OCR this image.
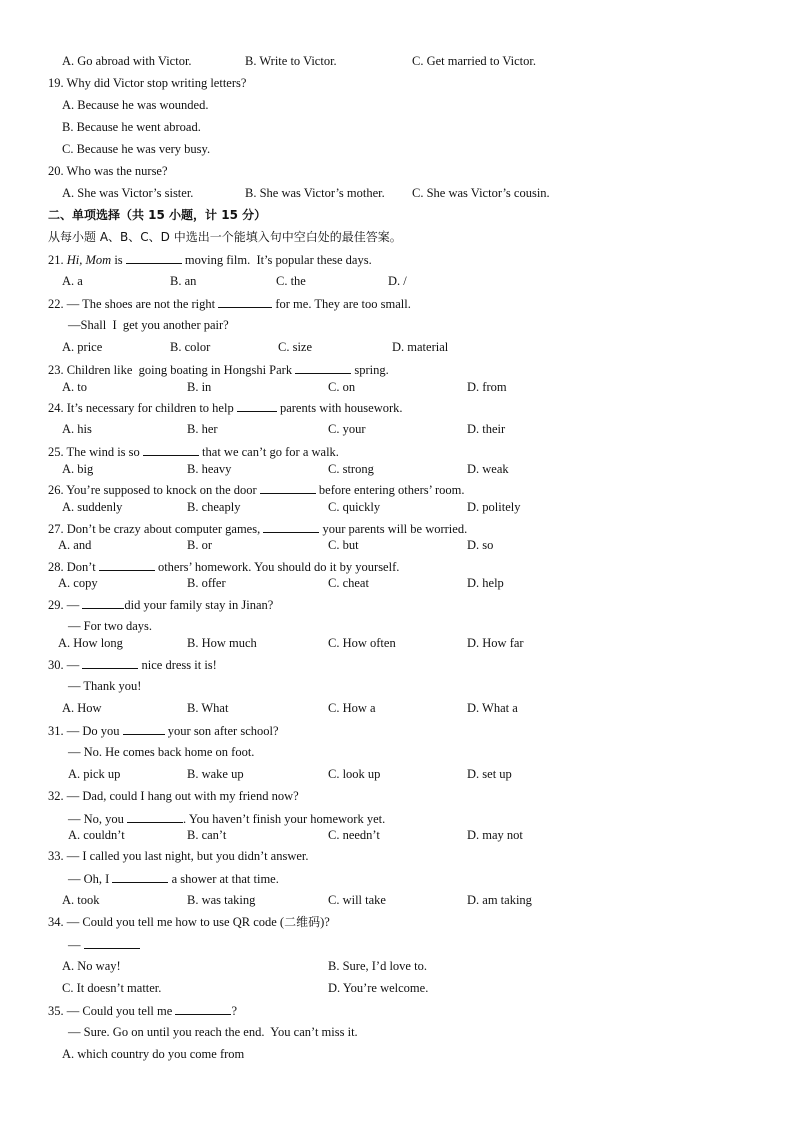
A. Go abroad with Victor.

	B. Write to Victor.

	C. Get married to Victor.

19. Why did Victor stop writing letters?

A. Because he was wounded.
B. Because he went abroad.
C. Because he was very busy.

20. Who was the nurse?

A. She was Victor’s sister.

	B. She was Victor’s mother.

C. She was Victor’s cousin.

二、单项选择（共 15 小题，计 15 分）

从每小题 A、B、C、D 中选出一个能填入句中空白处的最佳答案。

21. Hi, Mom is	moving film.  It’s popular these days.

A. a

	B. an

	C. the

	D. /

22. — The shoes are not the right	for me. They are too small.

—Shall  I  get you another pair?

A. price

	B. color

	C. size

	D. material

23. Children like  going boating in Hongshi Park	spring.

A. to

	B. in

	C. on

	D. from

24. It’s necessary for children to help	parents with housework.

A. his

	B. her

	C. your

	D. their

25. The wind is so	that we can’t go for a walk.

A. big

	B. heavy

	C. strong

	D. weak

26. You’re supposed to knock on the door	before entering others’ room.

A. suddenly

	B. cheaply

	C. quickly

	D. politely

27. Don’t be crazy about computer games,	your parents will be worried.

A. and

	B. or

	C. but

	D. so

28. Don’t	others’ homework. You should do it by yourself.

A. copy

	B. offer

	C. cheat

	D. help

29. —	did your family stay in Jinan?

— For two days.

A. How long

	B. How much

	C. How often

	D. How far

30. —	nice dress it is!

— Thank you!

A. How

	B. What

	C. How a

	D. What a

31. — Do you	your son after school?

— No. He comes back home on foot.

A. pick up

	B. wake up

	C. look up

	D. set up

32. — Dad, could I hang out with my friend now?

— No, you	. You haven’t finish your homework yet.

A. couldn’t

	B. can’t

	C. needn’t

	D. may not

33. — I called you last night, but you didn’t answer.

— Oh, I	a shower at that time.

A. took

	B. was taking

	C. will take

	D. am taking

34. — Could you tell me how to use QR code (二维码)?

—

A. No way!

	B. Sure, I’d love to.

C. It doesn’t matter.

	D. You’re welcome.

35. — Could you tell me	?

— Sure. Go on until you reach the end.  You can’t miss it.

A. which country do you come from
